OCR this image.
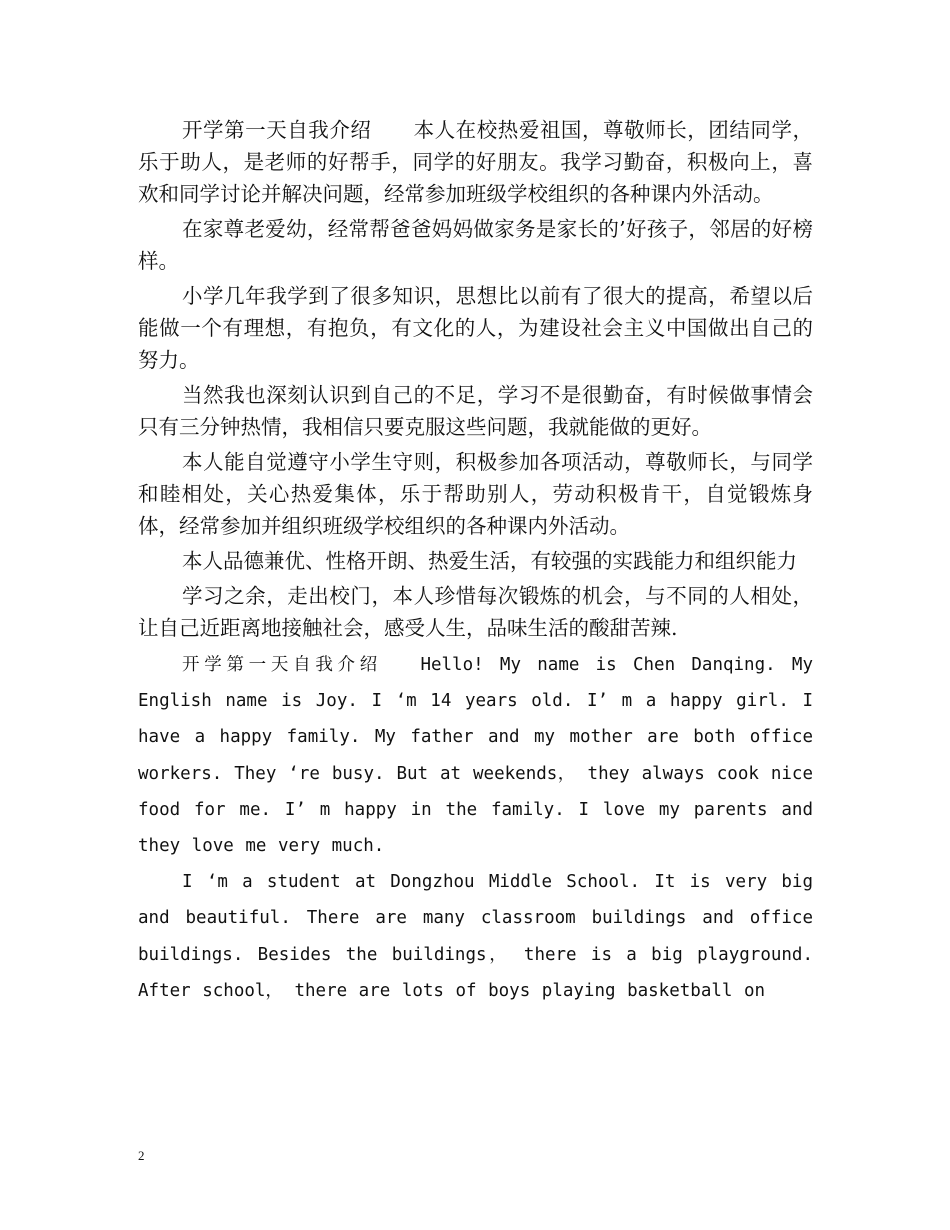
开学第一天自我介绍　　本人在校热爱祖国，尊敬师长，团结同学，乐于助人，是老师的好帮手，同学的好朋友。我学习勤奋，积极向上，喜欢和同学讨论并解决问题，经常参加班级学校组织的各种课内外活动。

在家尊老爱幼，经常帮爸爸妈妈做家务是家长的’好孩子，邻居的好榜样。

小学几年我学到了很多知识，思想比以前有了很大的提高，希望以后能做一个有理想，有抱负，有文化的人，为建设社会主义中国做出自己的努力。

当然我也深刻认识到自己的不足，学习不是很勤奋，有时候做事情会只有三分钟热情，我相信只要克服这些问题，我就能做的更好。

本人能自觉遵守小学生守则，积极参加各项活动，尊敬师长，与同学和睦相处，关心热爱集体，乐于帮助别人，劳动积极肯干，自觉锻炼身体，经常参加并组织班级学校组织的各种课内外活动。

本人品德兼优、性格开朗、热爱生活，有较强的实践能力和组织能力

学习之余，走出校门，本人珍惜每次锻炼的机会，与不同的人相处，让自己近距离地接触社会，感受人生，品味生活的酸甜苦辣.

开学第一天自我介绍　 Hello! My name is Chen Danqing. My English name is Joy. I ‘m 14 years old. I’ m a happy girl. I have a happy family. My father and my mother are both office workers. They ‘re busy. But at weekends， they always cook nice food for me. I’ m happy in the family. I love my parents and they love me very much.

I ‘m a student at Dongzhou Middle School. It is very big and beautiful. There are many classroom buildings and office buildings. Besides the buildings， there is a big playground. After school， there are lots of boys playing basketball on

2
